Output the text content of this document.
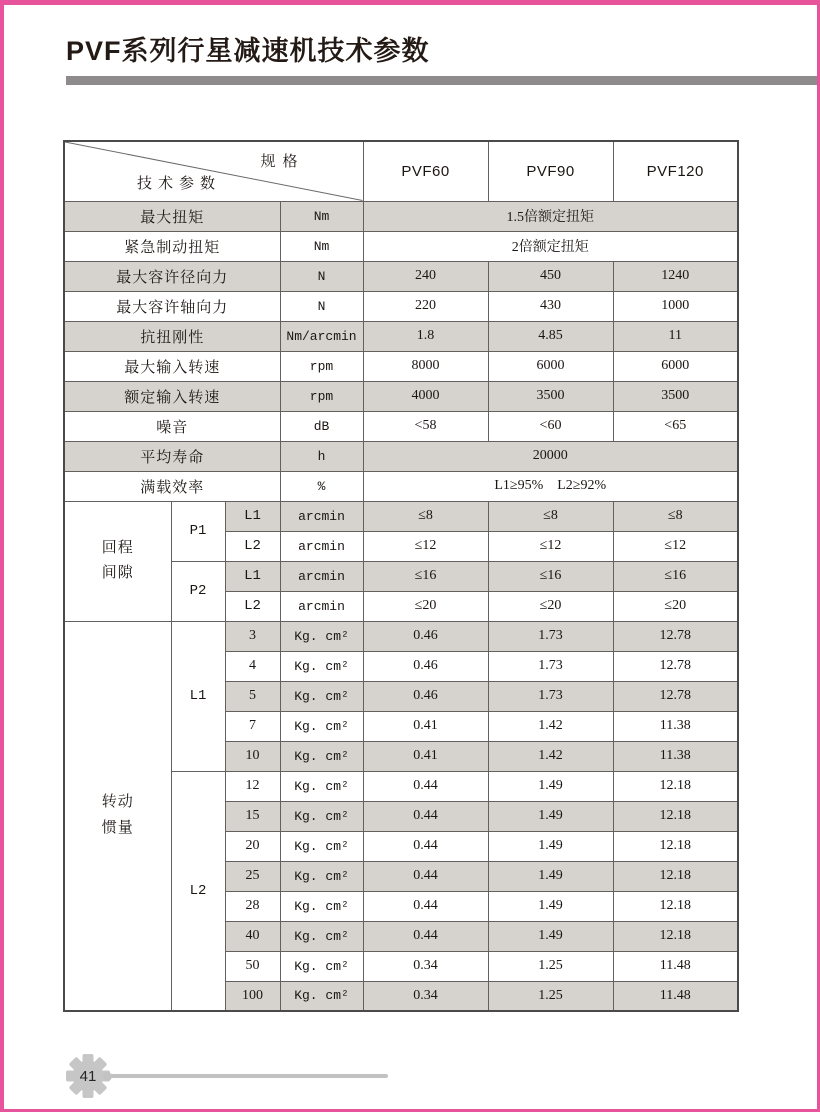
PVF系列行星减速机技术参数
规格
技术参数				PVF60	PVF90	PVF120
最大扭矩			Nm	1.5倍额定扭矩		
紧急制动扭矩			Nm	2倍额定扭矩		
最大容许径向力			N	240	450	1240
最大容许轴向力			N	220	430	1000
抗扭刚性			Nm/arcmin	1.8	4.85	11
最大输入转速			rpm	8000	6000	6000
额定输入转速			rpm	4000	3500	3500
噪音			dB	<58	<60	<65
平均寿命			h	20000		
满载效率			%	L1≥95%    L2≥92%		
回程间隙	P1	L1	arcmin	≤8	≤8	≤8
		L2	arcmin	≤12	≤12	≤12
	P2	L1	arcmin	≤16	≤16	≤16
		L2	arcmin	≤20	≤20	≤20
转动惯量	L1	3	Kg. cm²	0.46	1.73	12.78
		4	Kg. cm²	0.46	1.73	12.78
		5	Kg. cm²	0.46	1.73	12.78
		7	Kg. cm²	0.41	1.42	11.38
		10	Kg. cm²	0.41	1.42	11.38
	L2	12	Kg. cm²	0.44	1.49	12.18
		15	Kg. cm²	0.44	1.49	12.18
		20	Kg. cm²	0.44	1.49	12.18
		25	Kg. cm²	0.44	1.49	12.18
		28	Kg. cm²	0.44	1.49	12.18
		40	Kg. cm²	0.44	1.49	12.18
		50	Kg. cm²	0.34	1.25	11.48
		100	Kg. cm²	0.34	1.25	11.48
41
